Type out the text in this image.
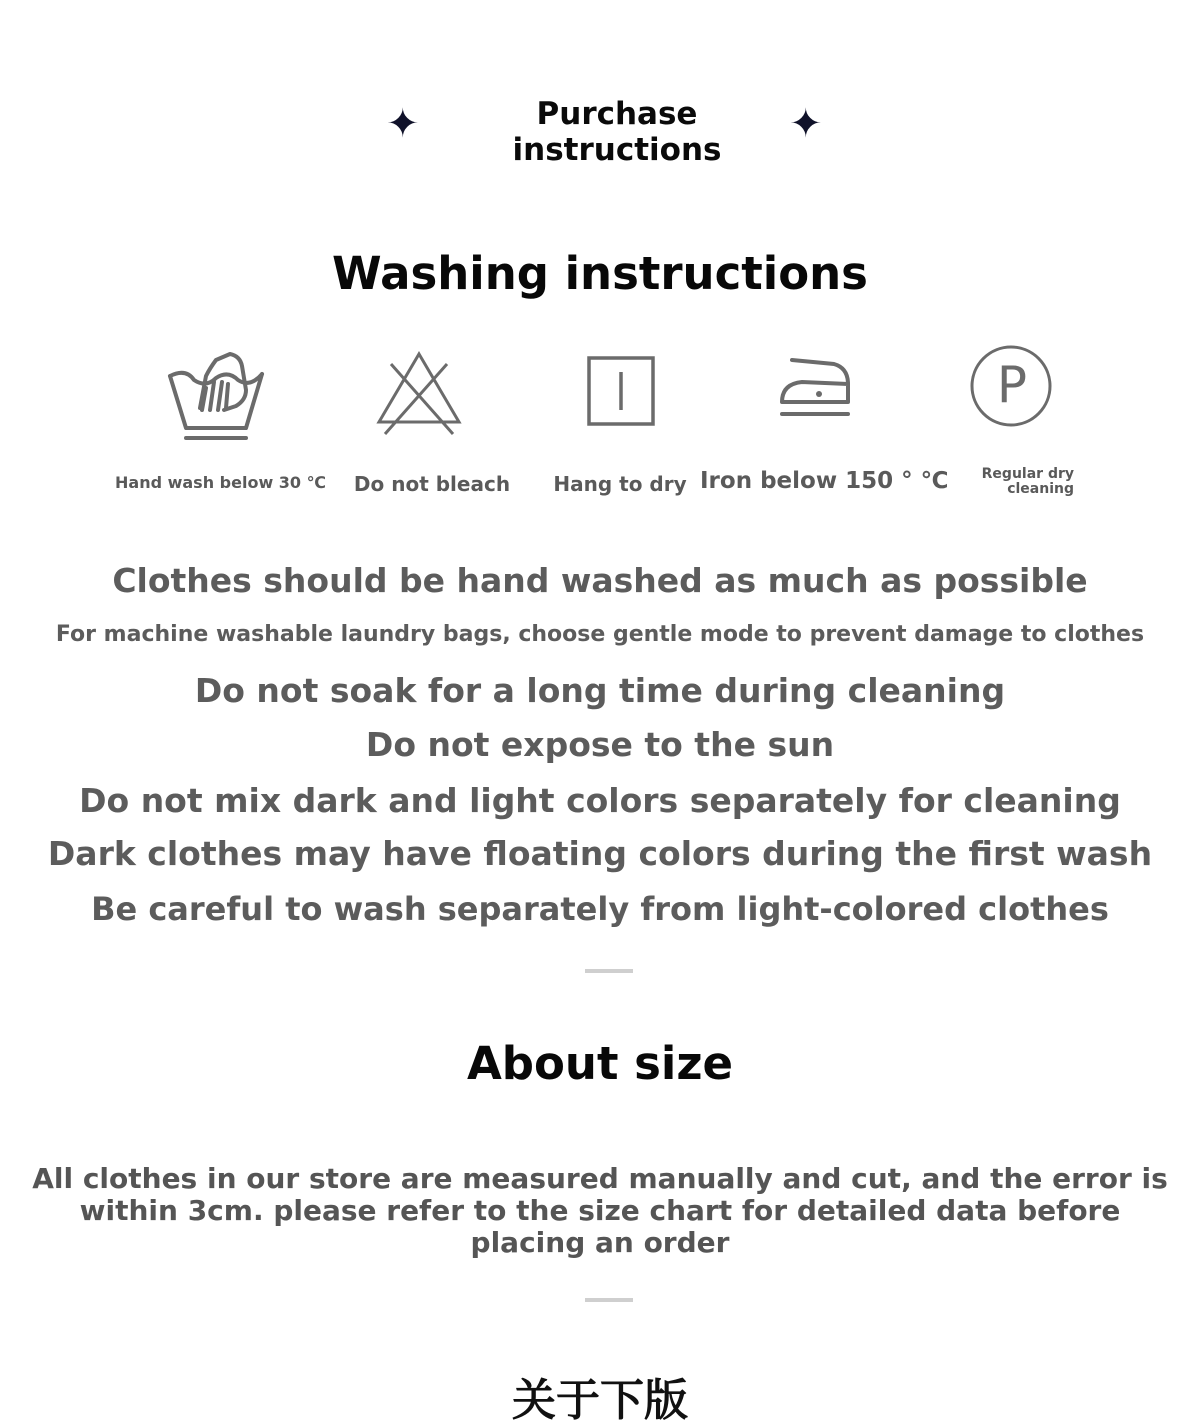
✦	Purchase instructions
✦
Washing instructions
Hand wash below 30 ℃	Do not bleach	Hang to dry Iron below 150 ° ℃
P
Regular dry cleaning
Clothes should be hand washed as much as possible
For machine washable laundry bags, choose gentle mode to prevent damage to clothes
Do not soak for a long time during cleaning
Do not expose to the sun
Do not mix dark and light colors separately for cleaning
Dark clothes may have floating colors during the first wash
Be careful to wash separately from light-colored clothes
About size
All clothes in our store are measured manually and cut, and the error is within 3cm. please refer to the size chart for detailed data before placing an order
关于下版
